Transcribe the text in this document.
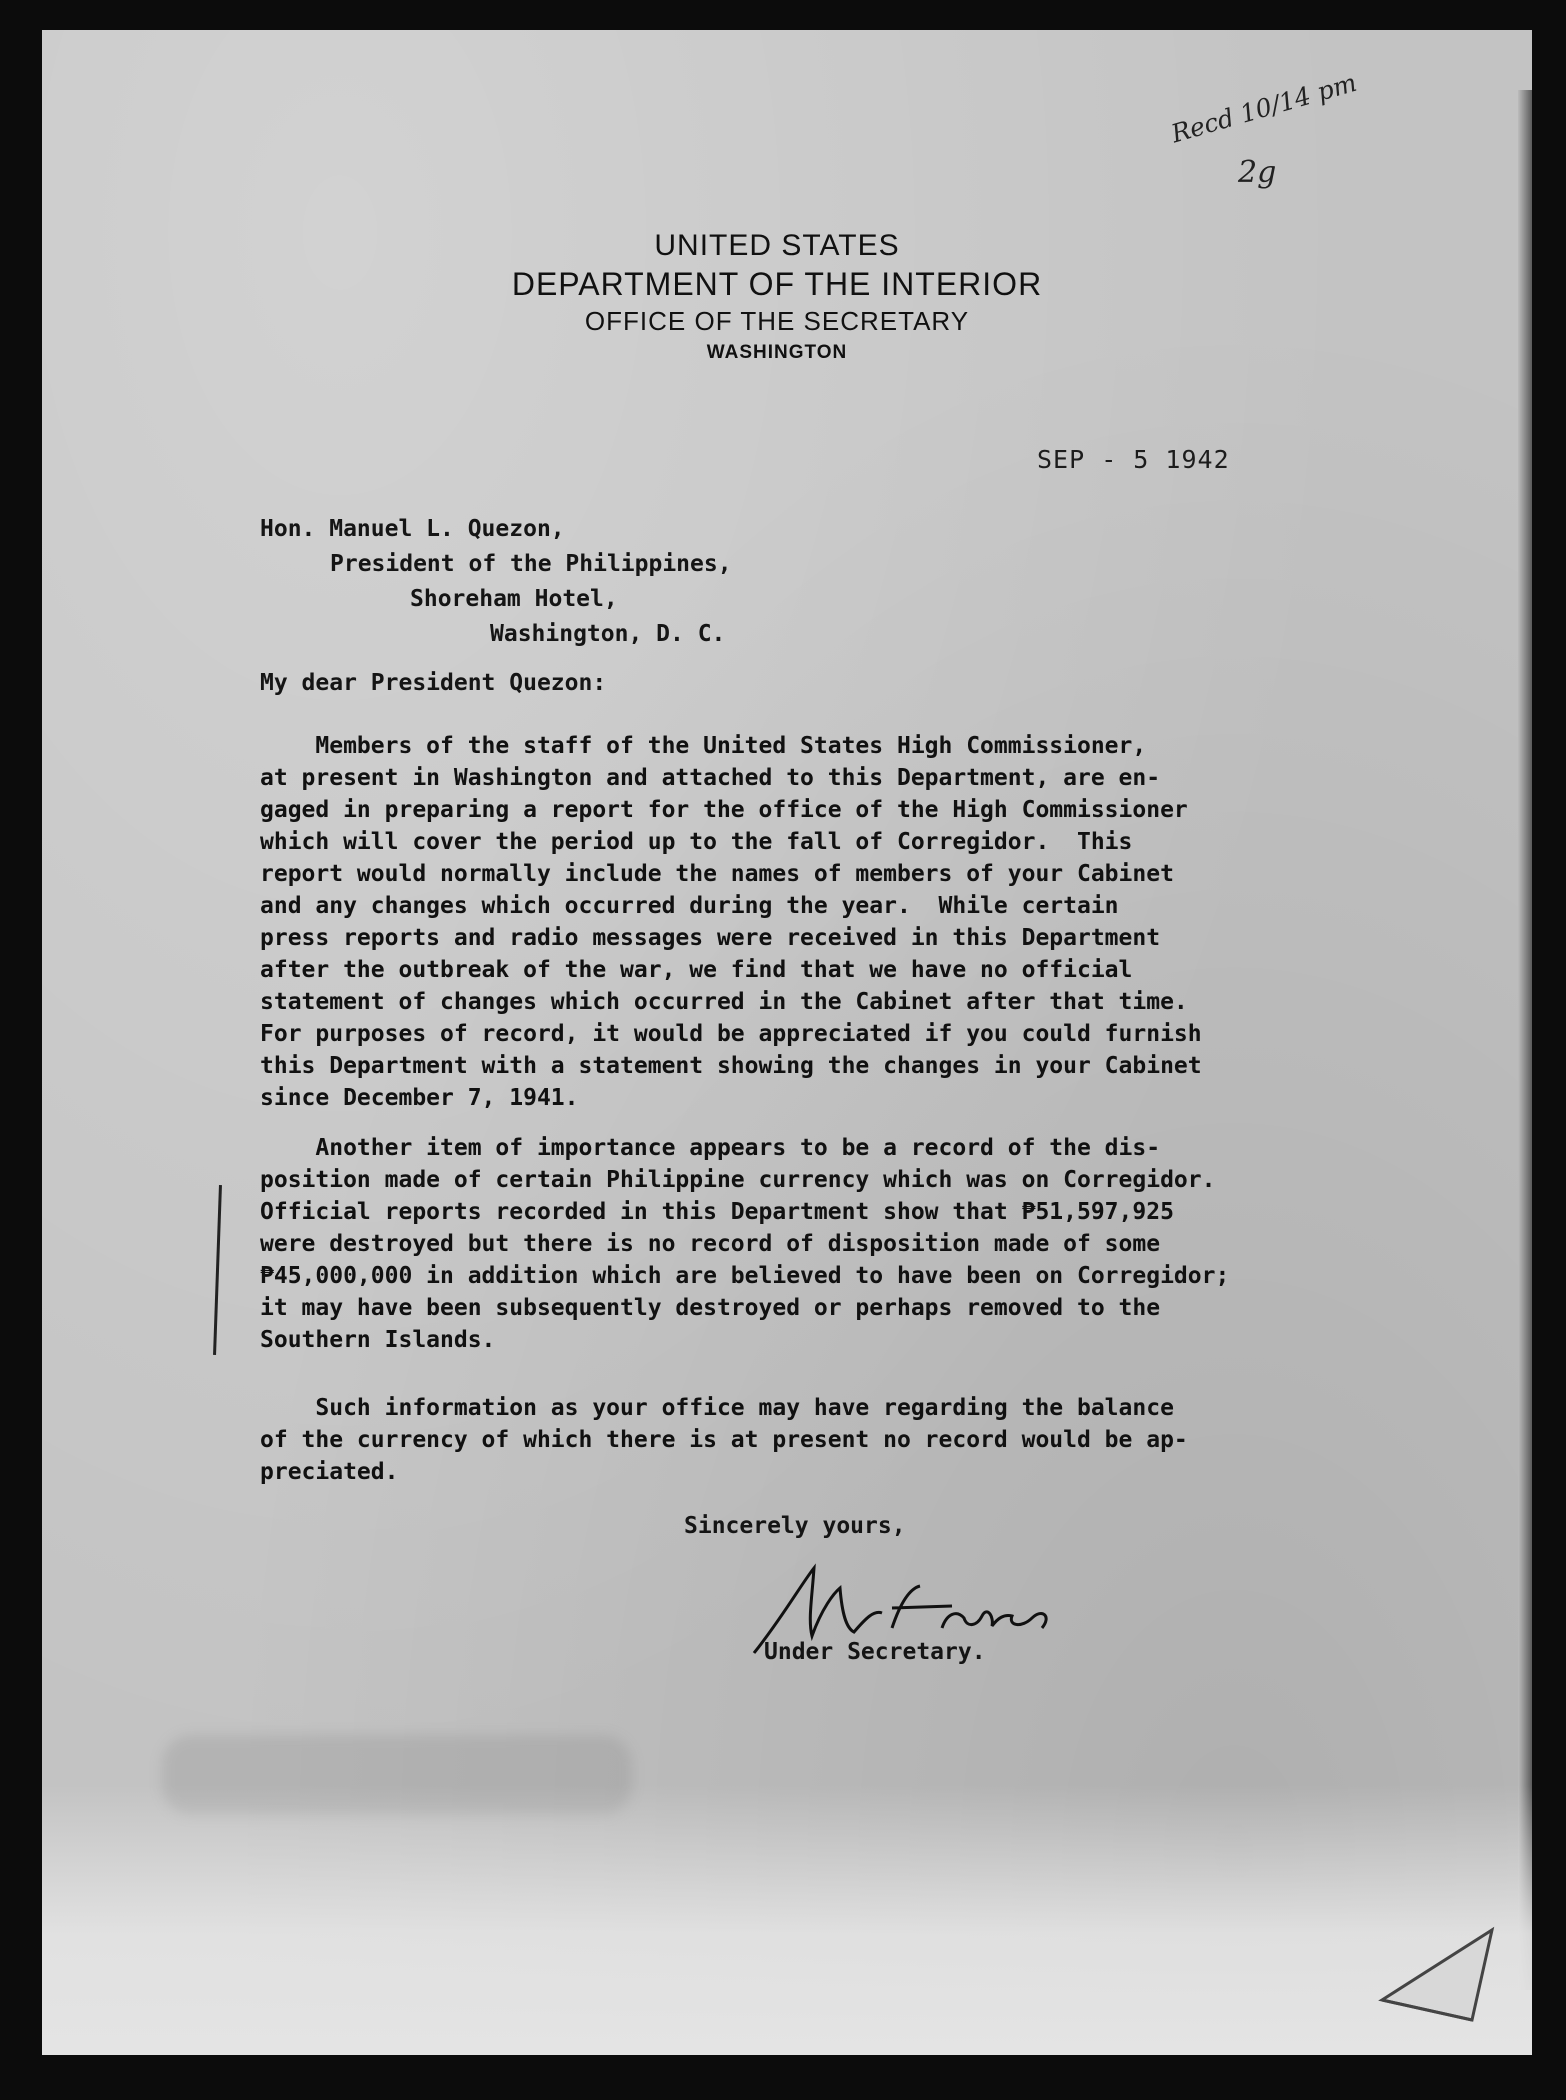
Recd 10/14 pm
2g
UNITED STATES
DEPARTMENT OF THE INTERIOR
OFFICE OF THE SECRETARY
WASHINGTON
SEP - 5 1942
Hon. Manuel L. Quezon,
President of the Philippines,
Shoreham Hotel,
Washington, D. C.
My dear President Quezon:
Members of the staff of the United States High Commissioner,
at present in Washington and attached to this Department, are en-
gaged in preparing a report for the office of the High Commissioner
which will cover the period up to the fall of Corregidor.  This
report would normally include the names of members of your Cabinet
and any changes which occurred during the year.  While certain
press reports and radio messages were received in this Department
after the outbreak of the war, we find that we have no official
statement of changes which occurred in the Cabinet after that time.
For purposes of record, it would be appreciated if you could furnish
this Department with a statement showing the changes in your Cabinet
since December 7, 1941.
Another item of importance appears to be a record of the dis-
position made of certain Philippine currency which was on Corregidor.
Official reports recorded in this Department show that ₱51,597,925
were destroyed but there is no record of disposition made of some
₱45,000,000 in addition which are believed to have been on Corregidor;
it may have been subsequently destroyed or perhaps removed to the
Southern Islands.
Such information as your office may have regarding the balance
of the currency of which there is at present no record would be ap-
preciated.
Sincerely yours,
Under Secretary.
